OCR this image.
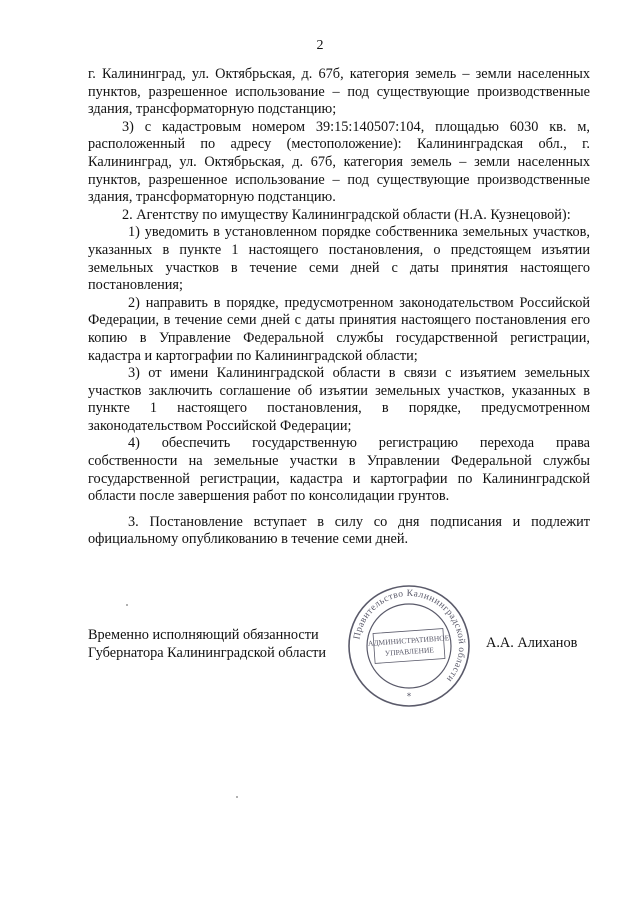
2

г. Калининград, ул. Октябрьская, д. 67б, категория земель – земли населенных пунктов, разрешенное использование – под существующие производственные здания, трансформаторную подстанцию;

3) с кадастровым номером 39:15:140507:104, площадью 6030 кв. м, расположенный по адресу (местоположение): Калининградская обл., г. Калининград, ул. Октябрьская, д. 67б, категория земель – земли населенных пунктов, разрешенное использование – под существующие производственные здания, трансформаторную подстанцию.

2. Агентству по имуществу Калининградской области (Н.А. Кузнецовой):

1) уведомить в установленном порядке собственника земельных участков, указанных в пункте 1 настоящего постановления, о предстоящем изъятии земельных участков в течение семи дней с даты принятия настоящего постановления;

2) направить в порядке, предусмотренном законодательством Российской Федерации, в течение семи дней с даты принятия настоящего постановления его копию в Управление Федеральной службы государственной регистрации, кадастра и картографии по Калининградской области;

3) от имени Калининградской области в связи с изъятием земельных участков заключить соглашение об изъятии земельных участков, указанных в пункте 1 настоящего постановления, в порядке, предусмотренном законодательством Российской Федерации;

4) обеспечить государственную регистрацию перехода права собственности на земельные участки в Управлении Федеральной службы государственной регистрации, кадастра и картографии по Калининградской области после завершения работ по консолидации грунтов.

3. Постановление вступает в силу со дня подписания и подлежит официальному опубликованию в течение семи дней.

Временно исполняющий обязанности
Губернатора Калининградской области
А.А. Алиханов
Правительство Калининградской области
АДМИНИСТРАТИВНОЕ
УПРАВЛЕНИЕ
*
